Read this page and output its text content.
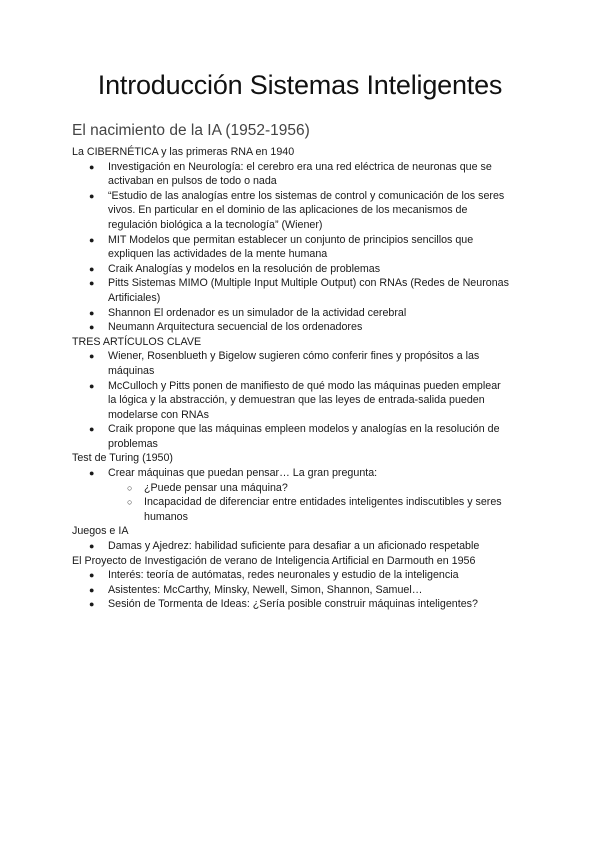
Introducción Sistemas Inteligentes
El nacimiento de la IA (1952-1956)

La CIBERNÉTICA y las primeras RNA en 1940

● Investigación en Neurología: el cerebro era una red eléctrica de neuronas que se
activaban en pulsos de todo o nada
● “Estudio de las analogías entre los sistemas de control y comunicación de los seres
vivos. En particular en el dominio de las aplicaciones de los mecanismos de
regulación biológica a la tecnología” (Wiener)
● MIT Modelos que permitan establecer un conjunto de principios sencillos que
expliquen las actividades de la mente humana
● Craik Analogías y modelos en la resolución de problemas
● Pitts Sistemas MIMO (Multiple Input Multiple Output) con RNAs (Redes de Neuronas
Artificiales)
● Shannon El ordenador es un simulador de la actividad cerebral
● Neumann Arquitectura secuencial de los ordenadores

TRES ARTÍCULOS CLAVE

● Wiener, Rosenblueth y Bigelow sugieren cómo conferir fines y propósitos a las
máquinas
● McCulloch y Pitts ponen de manifiesto de qué modo las máquinas pueden emplear
la lógica y la abstracción, y demuestran que las leyes de entrada-salida pueden
modelarse con RNAs
● Craik propone que las máquinas empleen modelos y analogías en la resolución de
problemas

Test de Turing (1950)

● Crear máquinas que puedan pensar… La gran pregunta:
○ ¿Puede pensar una máquina?
○ Incapacidad de diferenciar entre entidades inteligentes indiscutibles y seres
humanos

Juegos e IA

● Damas y Ajedrez: habilidad suficiente para desafiar a un aficionado respetable

El Proyecto de Investigación de verano de Inteligencia Artificial en Darmouth en 1956

● Interés: teoría de autómatas, redes neuronales y estudio de la inteligencia
● Asistentes: McCarthy, Minsky, Newell, Simon, Shannon, Samuel…
● Sesión de Tormenta de Ideas: ¿Sería posible construir máquinas inteligentes?
